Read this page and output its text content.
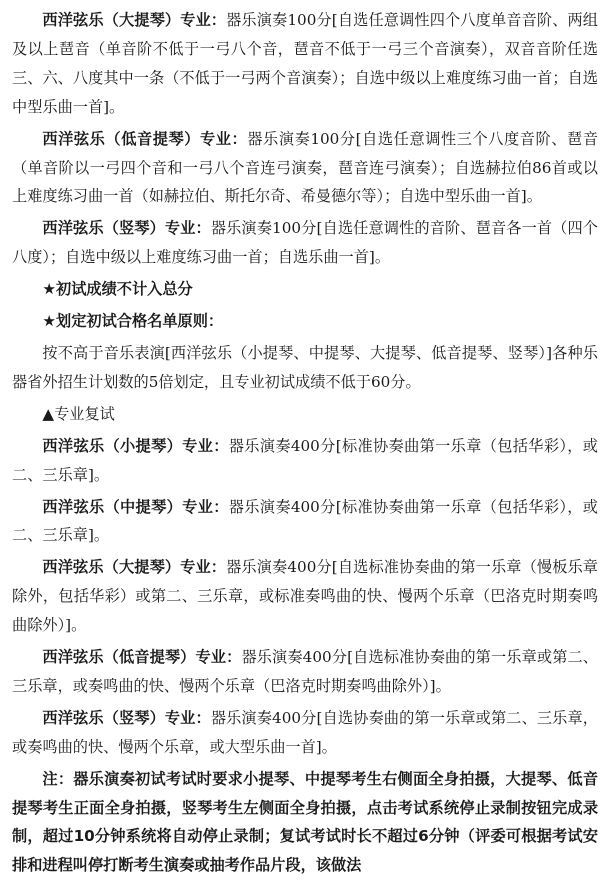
西洋弦乐（大提琴）专业：器乐演奏100分[自选任意调性四个八度单音音阶、两组及以上琶音（单音阶不低于一弓八个音，琶音不低于一弓三个音演奏），双音音阶任选三、六、八度其中一条（不低于一弓两个音演奏）；自选中级以上难度练习曲一首；自选中型乐曲一首]。

西洋弦乐（低音提琴）专业：器乐演奏100分[自选任意调性三个八度音阶、琶音（单音阶以一弓四个音和一弓八个音连弓演奏，琶音连弓演奏）；自选赫拉伯86首或以上难度练习曲一首（如赫拉伯、斯托尔奇、希曼德尔等）；自选中型乐曲一首]。

西洋弦乐（竖琴）专业：器乐演奏100分[自选任意调性的音阶、琶音各一首（四个八度）；自选中级以上难度练习曲一首；自选乐曲一首]。

★初试成绩不计入总分

★划定初试合格名单原则：

按不高于音乐表演[西洋弦乐（小提琴、中提琴、大提琴、低音提琴、竖琴）]各种乐器省外招生计划数的5倍划定，且专业初试成绩不低于60分。

▲专业复试

西洋弦乐（小提琴）专业：器乐演奏400分[标准协奏曲第一乐章（包括华彩），或二、三乐章]。

西洋弦乐（中提琴）专业：器乐演奏400分[标准协奏曲第一乐章（包括华彩），或二、三乐章]。

西洋弦乐（大提琴）专业：器乐演奏400分[自选标准协奏曲的第一乐章（慢板乐章除外，包括华彩）或第二、三乐章，或标准奏鸣曲的快、慢两个乐章（巴洛克时期奏鸣曲除外）]。

西洋弦乐（低音提琴）专业：器乐演奏400分[自选标准协奏曲的第一乐章或第二、三乐章，或奏鸣曲的快、慢两个乐章（巴洛克时期奏鸣曲除外）]。

西洋弦乐（竖琴）专业：器乐演奏400分[自选协奏曲的第一乐章或第二、三乐章，或奏鸣曲的快、慢两个乐章，或大型乐曲一首]。

注：器乐演奏初试考试时要求小提琴、中提琴考生右侧面全身拍摄，大提琴、低音提琴考生正面全身拍摄，竖琴考生左侧面全身拍摄，点击考试系统停止录制按钮完成录制，超过10分钟系统将自动停止录制；复试考试时长不超过6分钟（评委可根据考试安排和进程叫停打断考生演奏或抽考作品片段，该做法
